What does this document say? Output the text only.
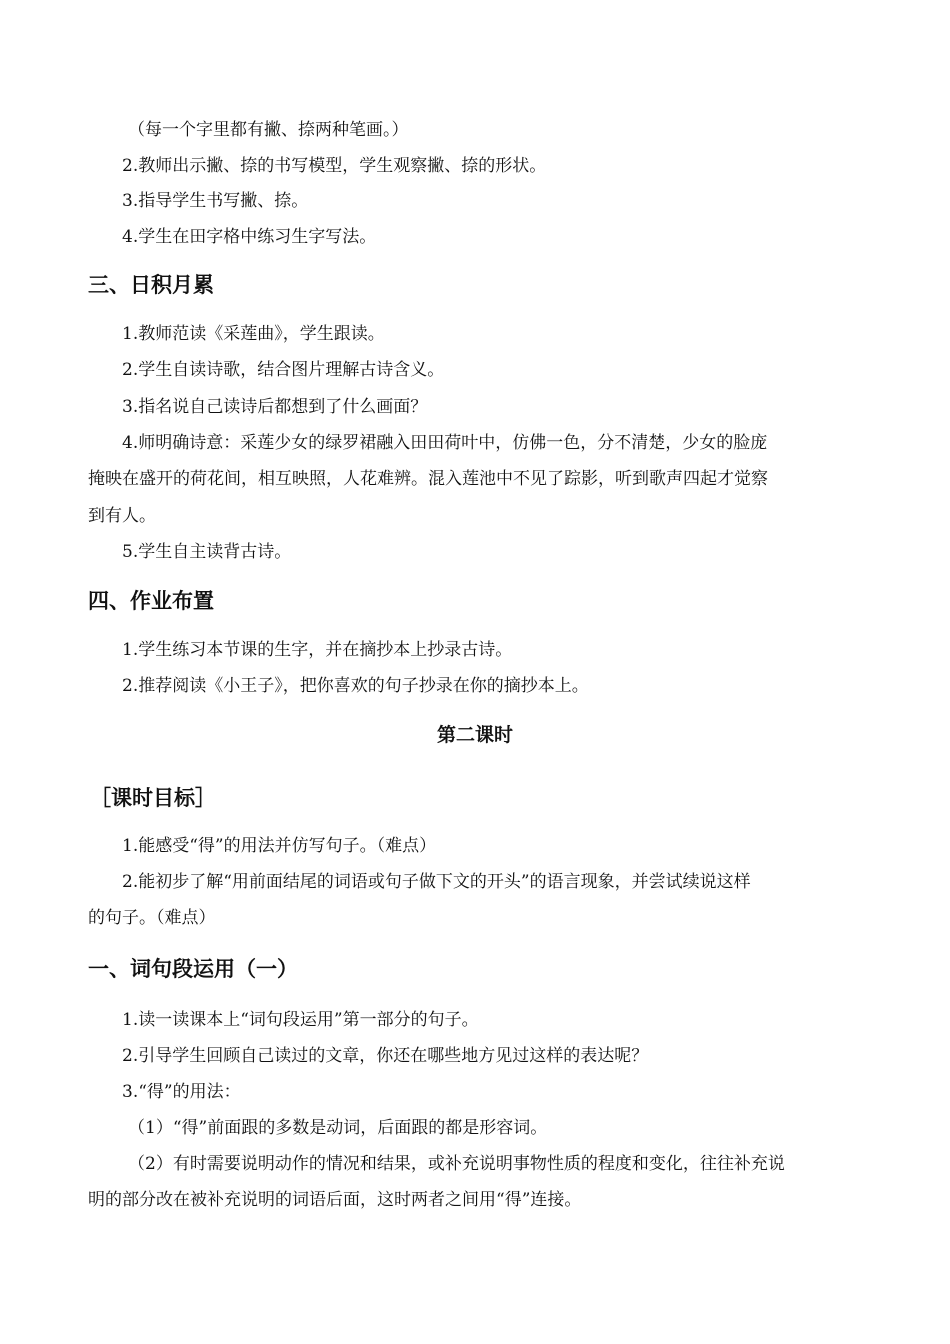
（每一个字里都有撇、捺两种笔画。）

2.教师出示撇、捺的书写模型，学生观察撇、捺的形状。

3.指导学生书写撇、捺。

4.学生在田字格中练习生字写法。

三、日积月累

1.教师范读《采莲曲》，学生跟读。

2.学生自读诗歌，结合图片理解古诗含义。

3.指名说自己读诗后都想到了什么画面？

4.师明确诗意：采莲少女的绿罗裙融入田田荷叶中，仿佛一色，分不清楚，少女的脸庞

掩映在盛开的荷花间，相互映照，人花难辨。混入莲池中不见了踪影，听到歌声四起才觉察

到有人。

5.学生自主读背古诗。

四、作业布置

1.学生练习本节课的生字，并在摘抄本上抄录古诗。

2.推荐阅读《小王子》，把你喜欢的句子抄录在你的摘抄本上。

第二课时
［课时目标］

1.能感受“得”的用法并仿写句子。（难点）

2.能初步了解“用前面结尾的词语或句子做下文的开头”的语言现象，并尝试续说这样

的句子。（难点）

一、词句段运用（一）

1.读一读课本上“词句段运用”第一部分的句子。

2.引导学生回顾自己读过的文章，你还在哪些地方见过这样的表达呢？

3.“得”的用法：

（1）“得”前面跟的多数是动词，后面跟的都是形容词。

（2）有时需要说明动作的情况和结果，或补充说明事物性质的程度和变化，往往补充说

明的部分改在被补充说明的词语后面，这时两者之间用“得”连接。
